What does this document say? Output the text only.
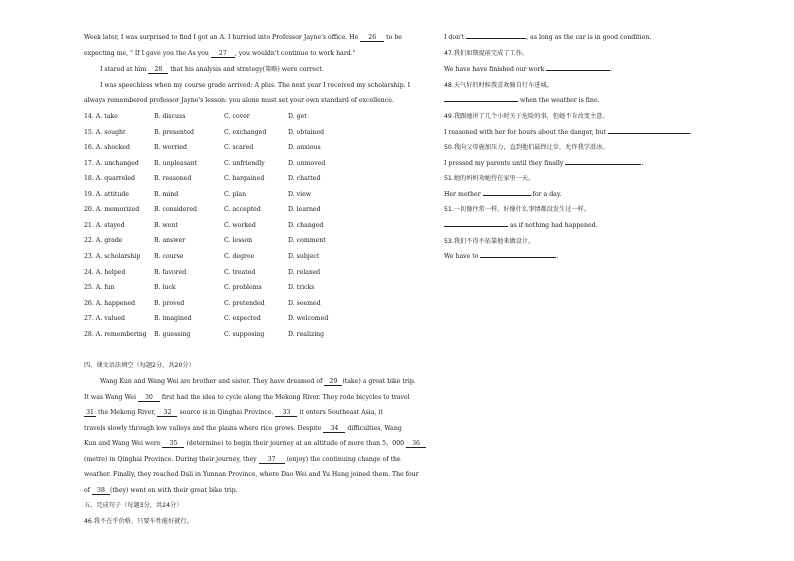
Week later, I was surprised to find I got an A. I hurried into Professor Jayne's office. He 26 to be
expecting me, " If I gave you the As you 27 , you wouldn't continue to work hard."
I stared at him 28 that his analysis and strategy(策略) were correct.
I was speechless when my course grade arrived: A plus. The next year I received my scholarship. I
always remembered professor Jayne's lesson: you alone must set your own standard of excellence.
14. A. take	B. discuss	C. cover	D. get
15. A. sought	B. presented	C. exchanged	D. obtained
16. A. shocked	B. worried	C. scared	D. anxious
17. A. unchanged B. unpleasant	C. unfriendly	D. unmoved
18. A. quarreled	B. reasoned	C. bargained	D. chatted
19. A. attitude	B. mind	C. plan	D. view
20. A. memorized B. considered	C. accepted	D. learned
21. A. stayed	B. went	C. worked	D. changed
22. A. grade	B. answer	C. lesson	D. comment
23. A. scholarship B. course	C. degree	D. subject
24. A. helped	B. favored	C. treated	D. relaxed
25. A. fun	B. luck	C. problems	D. tricks
26. A. happened	B. proved	C. pretended	D. seemed
27. A. valued	B. imagined	C. expected	D. welcomed
28. A. remembering B. guessing	C. supposing	D. realizing
四、课文语法填空（每题2分，共20分）
Wang Kun and Wang Wei are brother and sister. They have dreamed of 29 (take) a great bike trip.
It was Wang Wei 30 first had the idea to cycle along the Mekong River. They rode bicycles to travel
31 the Mekong River, 32 source is in Qinghai Province. 33 it enters Southeast Asia, it
travels slowly through low valleys and the plains where rice grows. Despite 34 difficulties, Wang
Kun and Wang Wei were 35 (determine) to begin their journey at an altitude of more than 5，000 36
(metre) in Qinghai Province. During their journey, they 37 (enjoy) the continuing change of the
weather. Finally, they reached Dali in Yunnan Province, where Dao Wei and Yu Hang joined them. The four
of 38 (they) went on with their great bike trip.
五、完成句子（每题3分，共24分）
46.我不在乎价格，只要车性能好就行。
I don't	, as long as the car is in good condition.
47.我们如期提前完成了工作。
We have have finished our work	.
48.天气好的时候我喜欢骑自行车进城。
when the weather is fine.
49.我跟她讲了几个小时关于危险的事，但她不肯改变主意。
I reasoned with her for hours about the danger, but	.
50.我向父母施加压力，直到他们最终让步，允许我学滑冰。
I pressed my parents until they finally	.
51.她的妈妈劝她待在家里一天。
Her mother	for a day.
51.一切像往常一样，好像什么事情都没发生过一样。
as if nothing had happened.
53.我们不得不依靠他来做设计。
We have to	.
